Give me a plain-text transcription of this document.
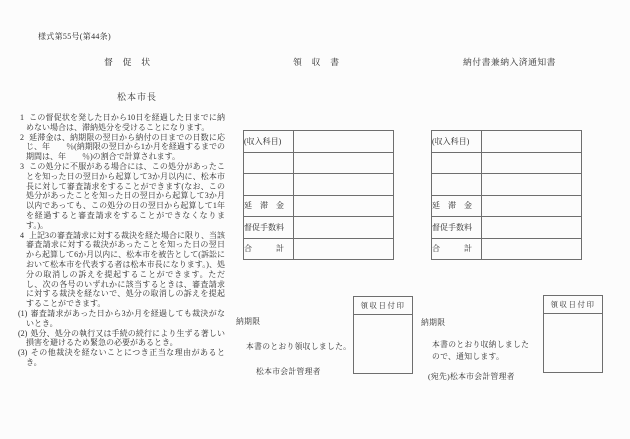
様式第55号(第44条)
督　促　状	領　収　書	納付書兼納入済通知書
松本市長

1 この督促状を発した日から10日を経過した日までに納めない場合は、滞納処分を受けることになります。

2 延滞金は、納期限の翌日から納付の日までの日数に応じ、年　　％(納期限の翌日から1か月を経過するまでの期間は、年　　％)の割合で計算されます。

3 この処分に不服がある場合には、この処分があったことを知った日の翌日から起算して3か月以内に、松本市長に対して審査請求をすることができます(なお、この処分があったことを知った日の翌日から起算して3か月以内であっても、この処分の日の翌日から起算して1年を経過すると審査請求をすることができなくなります。)。

4 上記3の審査請求に対する裁決を経た場合に限り、当該審査請求に対する裁決があったことを知った日の翌日から起算して6か月以内に、松本市を被告として(訴訟において松本市を代表する者は松本市長になります。)、処分の取消しの訴えを提起することができます。ただし、次の各号のいずれかに該当するときは、審査請求に対する裁決を経ないで、処分の取消しの訴えを提起することができます。

(1) 審査請求があった日から3か月を経過しても裁決がないとき。

(2) 処分、処分の執行又は手続の続行により生ずる著しい損害を避けるため緊急の必要があるとき。

(3) その他裁決を経ないことにつき正当な理由があるとき。

(収入科目)	

延　滞　金	
督促手数料	
合　　　計	
(収入科目)	

延　滞　金	
督促手数料	
合　　　計	
領収日付印	領収日付印
納期限
本書のとおり領収しました。
松本市会計管理者
納期限
本書のとおり収納しました
ので、通知します。
(宛先)松本市会計管理者
